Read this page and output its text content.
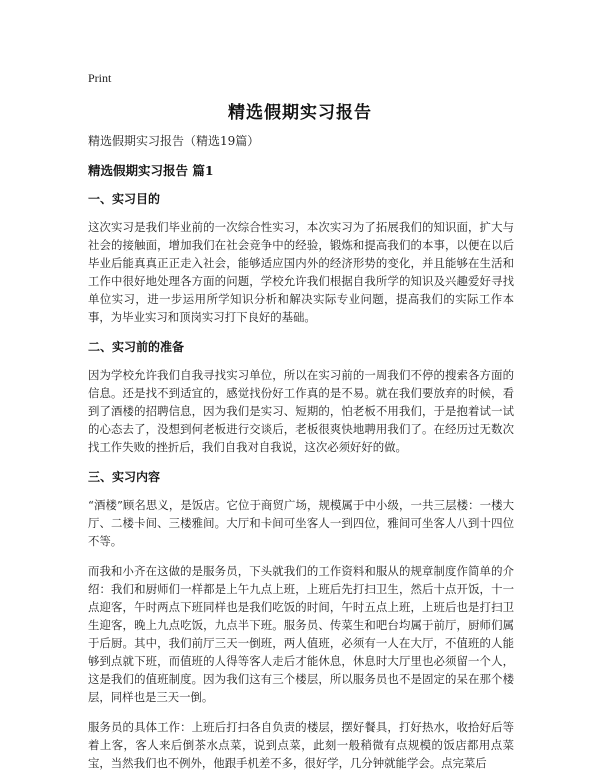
Print
精选假期实习报告
精选假期实习报告（精选19篇）
精选假期实习报告 篇1
一、实习目的
这次实习是我们毕业前的一次综合性实习，本次实习为了拓展我们的知识面，扩大与社会的接触面，增加我们在社会竞争中的经验，锻炼和提高我们的本事，以便在以后毕业后能真真正正走入社会，能够适应国内外的经济形势的变化，并且能够在生活和工作中很好地处理各方面的问题，学校允许我们根据自我所学的知识及兴趣爱好寻找单位实习，进一步运用所学知识分析和解决实际专业问题，提高我们的实际工作本事，为毕业实习和顶岗实习打下良好的基础。
二、实习前的准备
因为学校允许我们自我寻找实习单位，所以在实习前的一周我们不停的搜索各方面的信息。还是找不到适宜的，感觉找份好工作真的是不易。就在我们要放弃的时候，看到了酒楼的招聘信息，因为我们是实习、短期的，怕老板不用我们，于是抱着试一试的心态去了，没想到何老板进行交谈后，老板很爽快地聘用我们了。在经历过无数次找工作失败的挫折后，我们自我对自我说，这次必须好好的做。
三、实习内容
“酒楼”顾名思义，是饭店。它位于商贸广场，规模属于中小级，一共三层楼：一楼大厅、二楼卡间、三楼雅间。大厅和卡间可坐客人一到四位，雅间可坐客人八到十四位不等。
而我和小齐在这做的是服务员，下头就我们的工作资料和服从的规章制度作简单的介绍：我们和厨师们一样都是上午九点上班，上班后先打扫卫生，然后十点开饭，十一点迎客，午时两点下班同样也是我们吃饭的时间，午时五点上班，上班后也是打扫卫生迎客，晚上九点吃饭，九点半下班。服务员、传菜生和吧台均属于前厅，厨师们属于后厨。其中，我们前厅三天一倒班，两人值班，必须有一人在大厅，不值班的人能够到点就下班，而值班的人得等客人走后才能休息，休息时大厅里也必须留一个人，这是我们的值班制度。因为我们这有三个楼层，所以服务员也不是固定的呆在那个楼层，同样也是三天一倒。
服务员的具体工作：上班后打扫各自负责的楼层，摆好餐具，打好热水，收拾好后等着上客，客人来后倒茶水点菜，说到点菜，此刻一般稍微有点规模的饭店都用点菜宝，当然我们也不例外，他跟手机差不多，很好学，几分钟就能学会。点完菜后
